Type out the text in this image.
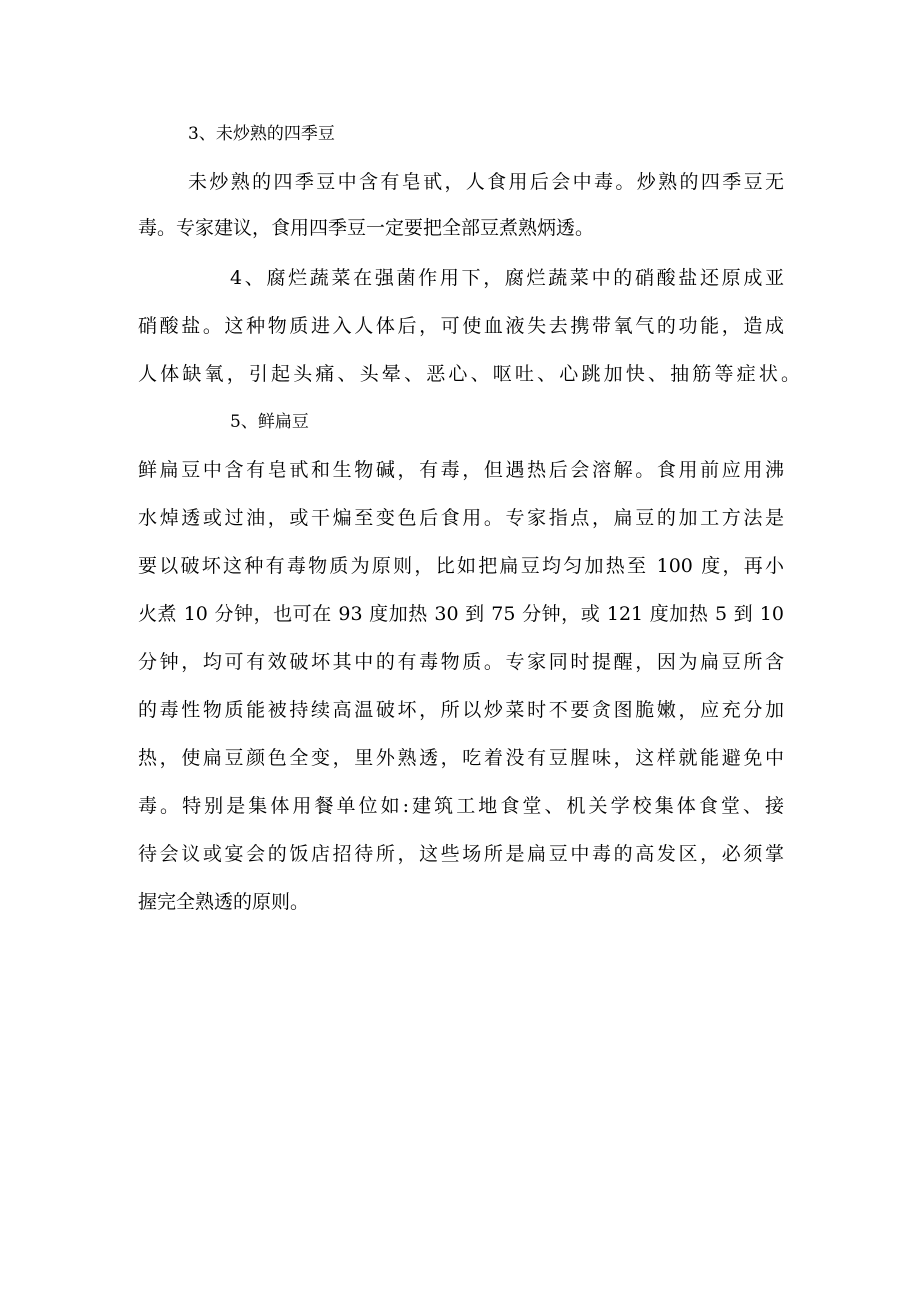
3、未炒熟的四季豆
未炒熟的四季豆中含有皂甙，人食用后会中毒。炒熟的四季豆无
毒。专家建议，食用四季豆一定要把全部豆煮熟炳透。
4、腐烂蔬菜在强菌作用下，腐烂蔬菜中的硝酸盐还原成亚
硝酸盐。这种物质进入人体后，可使血液失去携带氧气的功能，造成
人体缺氧，引起头痛、头晕、恶心、呕吐、心跳加快、抽筋等症状。
5、鲜扁豆
鲜扁豆中含有皂甙和生物碱，有毒，但遇热后会溶解。食用前应用沸
水焯透或过油，或干煸至变色后食用。专家指点，扁豆的加工方法是
要以破坏这种有毒物质为原则，比如把扁豆均匀加热至 100 度，再小
火煮 10 分钟，也可在 93 度加热 30 到 75 分钟，或 121 度加热 5 到 10
分钟，均可有效破坏其中的有毒物质。专家同时提醒，因为扁豆所含
的毒性物质能被持续高温破坏，所以炒菜时不要贪图脆嫩，应充分加
热，使扁豆颜色全变，里外熟透，吃着没有豆腥味，这样就能避免中
毒。特别是集体用餐单位如:建筑工地食堂、机关学校集体食堂、接
待会议或宴会的饭店招待所，这些场所是扁豆中毒的高发区，必须掌
握完全熟透的原则。
